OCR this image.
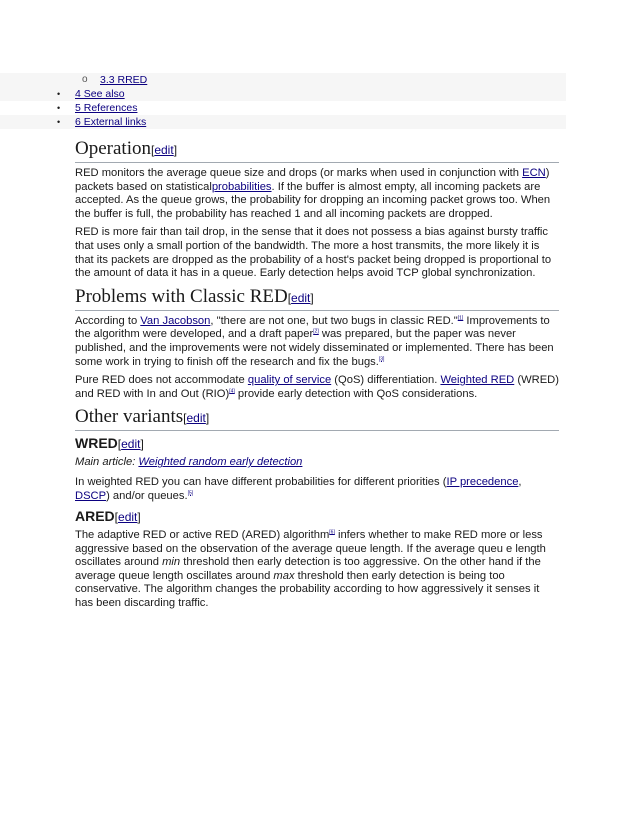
o 3.3 RRED
• 4 See also
• 5 References
• 6 External links
Operation[edit]

RED monitors the average queue size and drops (or marks when used in conjunction with ECN) packets based on statisticalprobabilities. If the buffer is almost empty, all incoming packets are accepted. As the queue grows, the probability for dropping an incoming packet grows too. When the buffer is full, the probability has reached 1 and all incoming packets are dropped.

RED is more fair than tail drop, in the sense that it does not possess a bias against bursty traffic that uses only a small portion of the bandwidth. The more a host transmits, the more likely it is that its packets are dropped as the probability of a host's packet being dropped is proportional to the amount of data it has in a queue. Early detection helps avoid TCP global synchronization.

Problems with Classic RED[edit]

According to Van Jacobson, "there are not one, but two bugs in classic RED."[1] Improvements to the algorithm were developed, and a draft paper[2] was prepared, but the paper was never published, and the improvements were not widely disseminated or implemented. There has been some work in trying to finish off the research and fix the bugs.[3]

Pure RED does not accommodate quality of service (QoS) differentiation. Weighted RED (WRED) and RED with In and Out (RIO)[4] provide early detection with QoS considerations.

Other variants[edit]
WRED[edit]

Main article: Weighted random early detection

In weighted RED you can have different probabilities for different priorities (IP precedence, DSCP) and/or queues.[5]

ARED[edit]

The adaptive RED or active RED (ARED) algorithm[6] infers whether to make RED more or less aggressive based on the observation of the average queue length. If the average queu e length oscillates around min threshold then early detection is too aggressive. On the other hand if the average queue length oscillates around max threshold then early detection is being too conservative. The algorithm changes the probability according to how aggressively it senses it has been discarding traffic.
